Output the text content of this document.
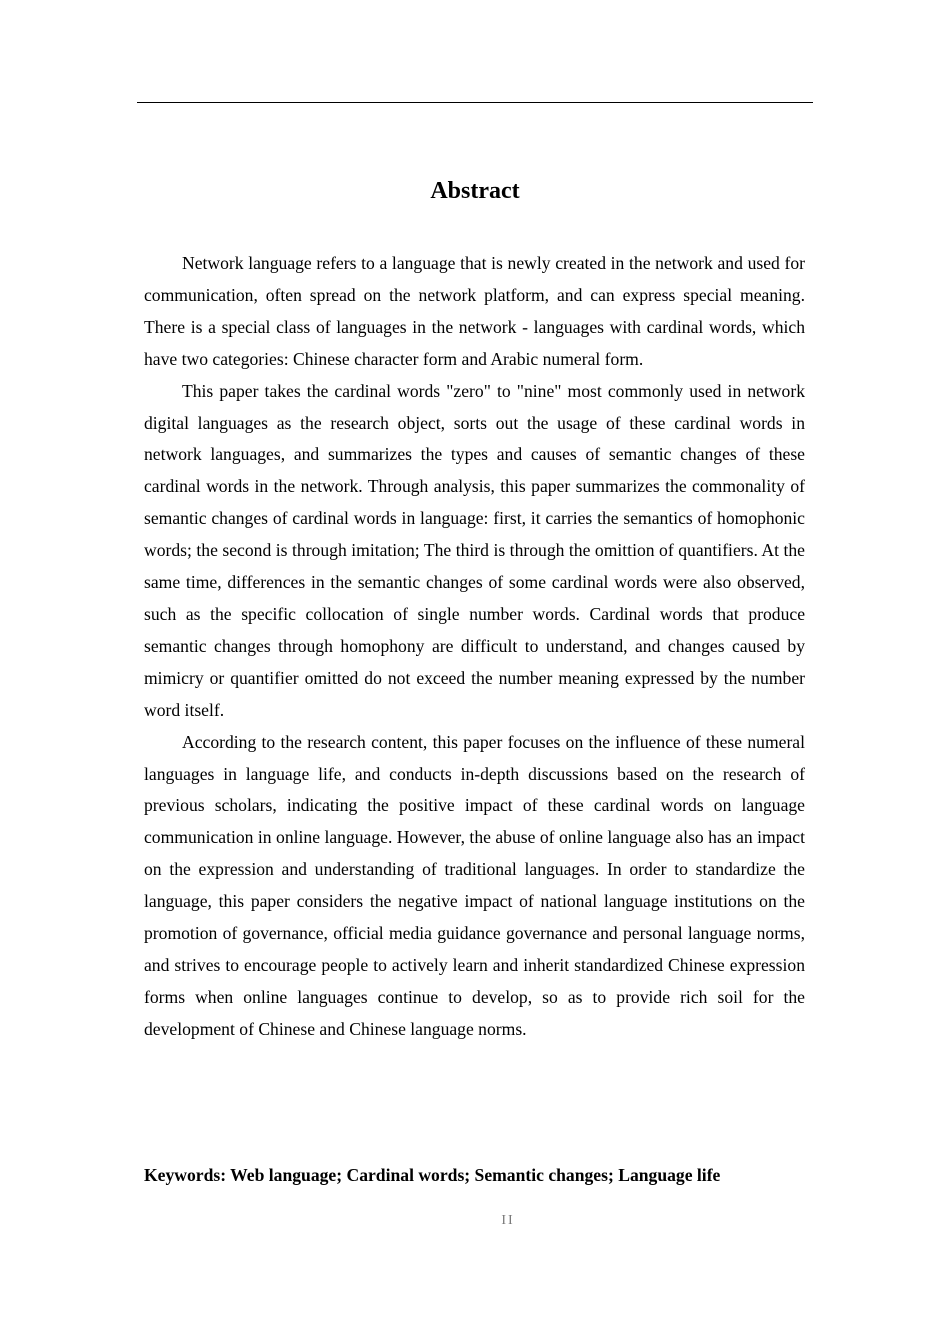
Abstract

Network language refers to a language that is newly created in the network and used for communication, often spread on the network platform, and can express special meaning. There is a special class of languages in the network - languages with cardinal words, which have two categories: Chinese character form and Arabic numeral form.

This paper takes the cardinal words "zero" to "nine" most commonly used in network digital languages as the research object, sorts out the usage of these cardinal words in network languages, and summarizes the types and causes of semantic changes of these cardinal words in the network. Through analysis, this paper summarizes the commonality of semantic changes of cardinal words in language: first, it carries the semantics of homophonic words; the second is through imitation; The third is through the omittion of quantifiers. At the same time, differences in the semantic changes of some cardinal words were also observed, such as the specific collocation of single number words. Cardinal words that produce semantic changes through homophony are difficult to understand, and changes caused by mimicry or quantifier omitted do not exceed the number meaning expressed by the number word itself.

According to the research content, this paper focuses on the influence of these numeral languages in language life, and conducts in-depth discussions based on the research of previous scholars, indicating the positive impact of these cardinal words on language communication in online language. However, the abuse of online language also has an impact on the expression and understanding of traditional languages. In order to standardize the language, this paper considers the negative impact of national language institutions on the promotion of governance, official media guidance governance and personal language norms, and strives to encourage people to actively learn and inherit standardized Chinese expression forms when online languages continue to develop, so as to provide rich soil for the development of Chinese and Chinese language norms.

Keywords: Web language; Cardinal words; Semantic changes; Language life
II
